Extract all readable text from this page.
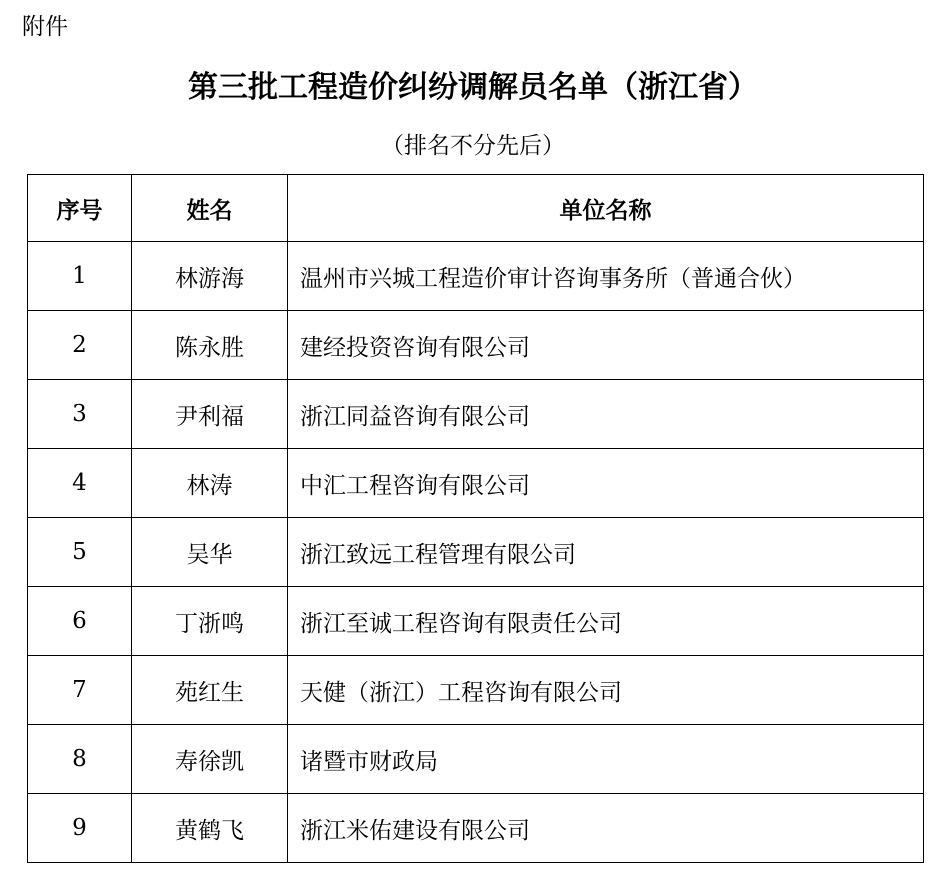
附件
第三批工程造价纠纷调解员名单（浙江省）
（排名不分先后）
序号	姓名	单位名称
1	林游海	温州市兴城工程造价审计咨询事务所（普通合伙）
2	陈永胜	建经投资咨询有限公司
3	尹利福	浙江同益咨询有限公司
4	林涛	中汇工程咨询有限公司
5	吴华	浙江致远工程管理有限公司
6	丁浙鸣	浙江至诚工程咨询有限责任公司
7	苑红生	天健（浙江）工程咨询有限公司
8	寿徐凯	诸暨市财政局
9	黄鹤飞	浙江米佑建设有限公司
